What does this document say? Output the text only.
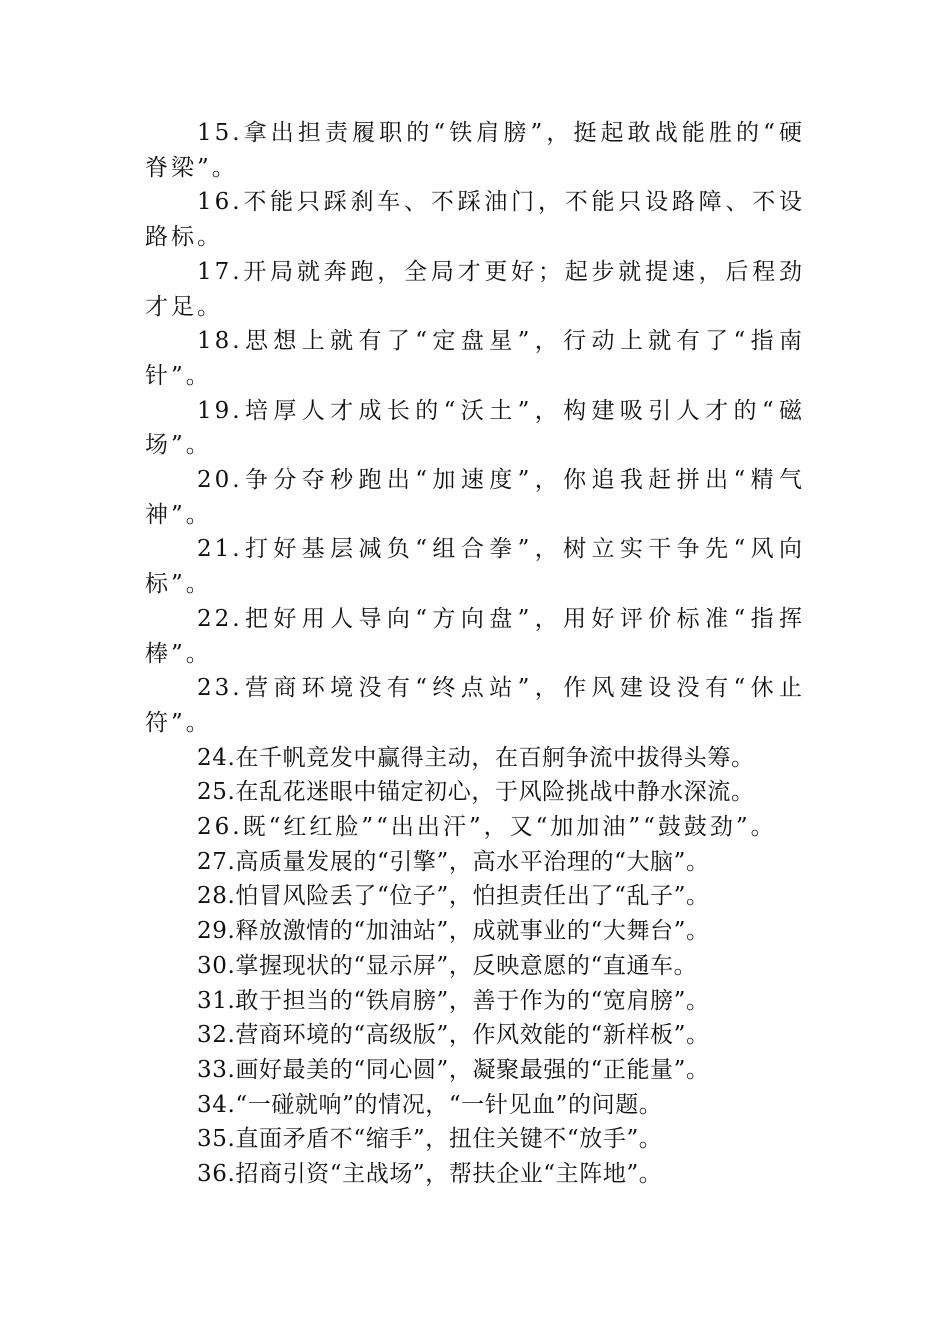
15.拿出担责履职的“铁肩膀”，挺起敢战能胜的“硬脊梁”。

16.不能只踩刹车、不踩油门，不能只设路障、不设路标。

17.开局就奔跑，全局才更好；起步就提速，后程劲才足。

18.思想上就有了“定盘星”，行动上就有了“指南针”。

19.培厚人才成长的“沃土”，构建吸引人才的“磁场”。

20.争分夺秒跑出“加速度”，你追我赶拼出“精气神”。

21.打好基层减负“组合拳”，树立实干争先“风向标”。

22.把好用人导向“方向盘”，用好评价标准“指挥棒”。

23.营商环境没有“终点站”，作风建设没有“休止符”。

24.在千帆竞发中赢得主动，在百舸争流中拔得头筹。

25.在乱花迷眼中锚定初心，于风险挑战中静水深流。

26.既“红红脸”“出出汗”，又“加加油”“鼓鼓劲”。

27.高质量发展的“引擎”，高水平治理的“大脑”。

28.怕冒风险丢了“位子”，怕担责任出了“乱子”。

29.释放激情的“加油站”，成就事业的“大舞台”。

30.掌握现状的“显示屏”，反映意愿的“直通车。

31.敢于担当的“铁肩膀”，善于作为的“宽肩膀”。

32.营商环境的“高级版”，作风效能的“新样板”。

33.画好最美的“同心圆”，凝聚最强的“正能量”。

34.“一碰就响”的情况，“一针见血”的问题。

35.直面矛盾不“缩手”，扭住关键不“放手”。

36.招商引资“主战场”，帮扶企业“主阵地”。
